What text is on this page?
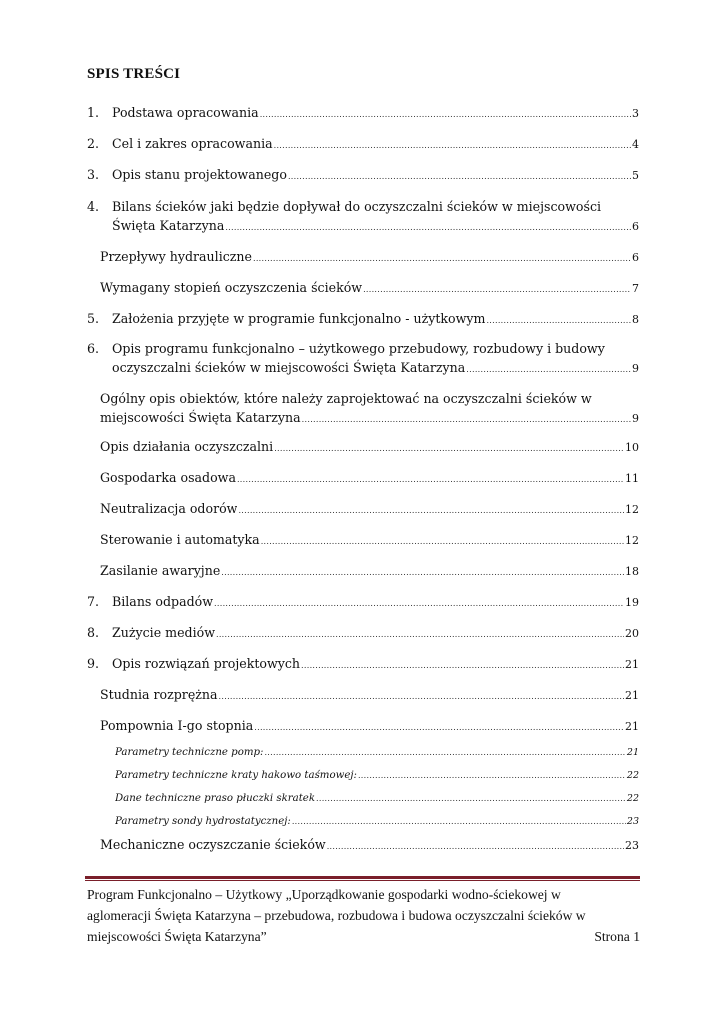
SPIS TREŚCI
1.	Podstawa opracowania .....	3
2.	Cel i zakres opracowania .....	4
3.	Opis stanu projektowanego .....	5
4.	Bilans ścieków jaki będzie dopływał do oczyszczalni ścieków w miejscowości
Święta Katarzyna .....	6
Przepływy hydrauliczne .....	6
Wymagany stopień oczyszczenia ścieków .....	7
5.	Założenia przyjęte w programie funkcjonalno - użytkowym .....	8
6.	Opis programu funkcjonalno – użytkowego przebudowy, rozbudowy i budowy
oczyszczalni ścieków w miejscowości Święta Katarzyna .....	9
Ogólny opis obiektów, które należy zaprojektować na oczyszczalni ścieków w
miejscowości Święta Katarzyna .....	9
Opis działania oczyszczalni .....	10
Gospodarka osadowa .....	11
Neutralizacja odorów .....	12
Sterowanie i automatyka .....	12
Zasilanie awaryjne .....	18
7.	Bilans odpadów .....	19
8.	Zużycie mediów .....	20
9.	Opis rozwiązań projektowych .....	21
Studnia rozprężna .....	21
Pompownia I-go stopnia .....	21
Parametry techniczne pomp: .....	21
Parametry techniczne kraty hakowo taśmowej: .....	22
Dane techniczne praso płuczki skratek .....	22
Parametry sondy hydrostatycznej: .....	23
Mechaniczne oczyszczanie ścieków .....	23
Program Funkcjonalno – Użytkowy „Uporządkowanie gospodarki wodno-ściekowej w
aglomeracji Święta Katarzyna – przebudowa, rozbudowa i budowa oczyszczalni ścieków w
miejscowości Święta Katarzyna”	Strona 1
